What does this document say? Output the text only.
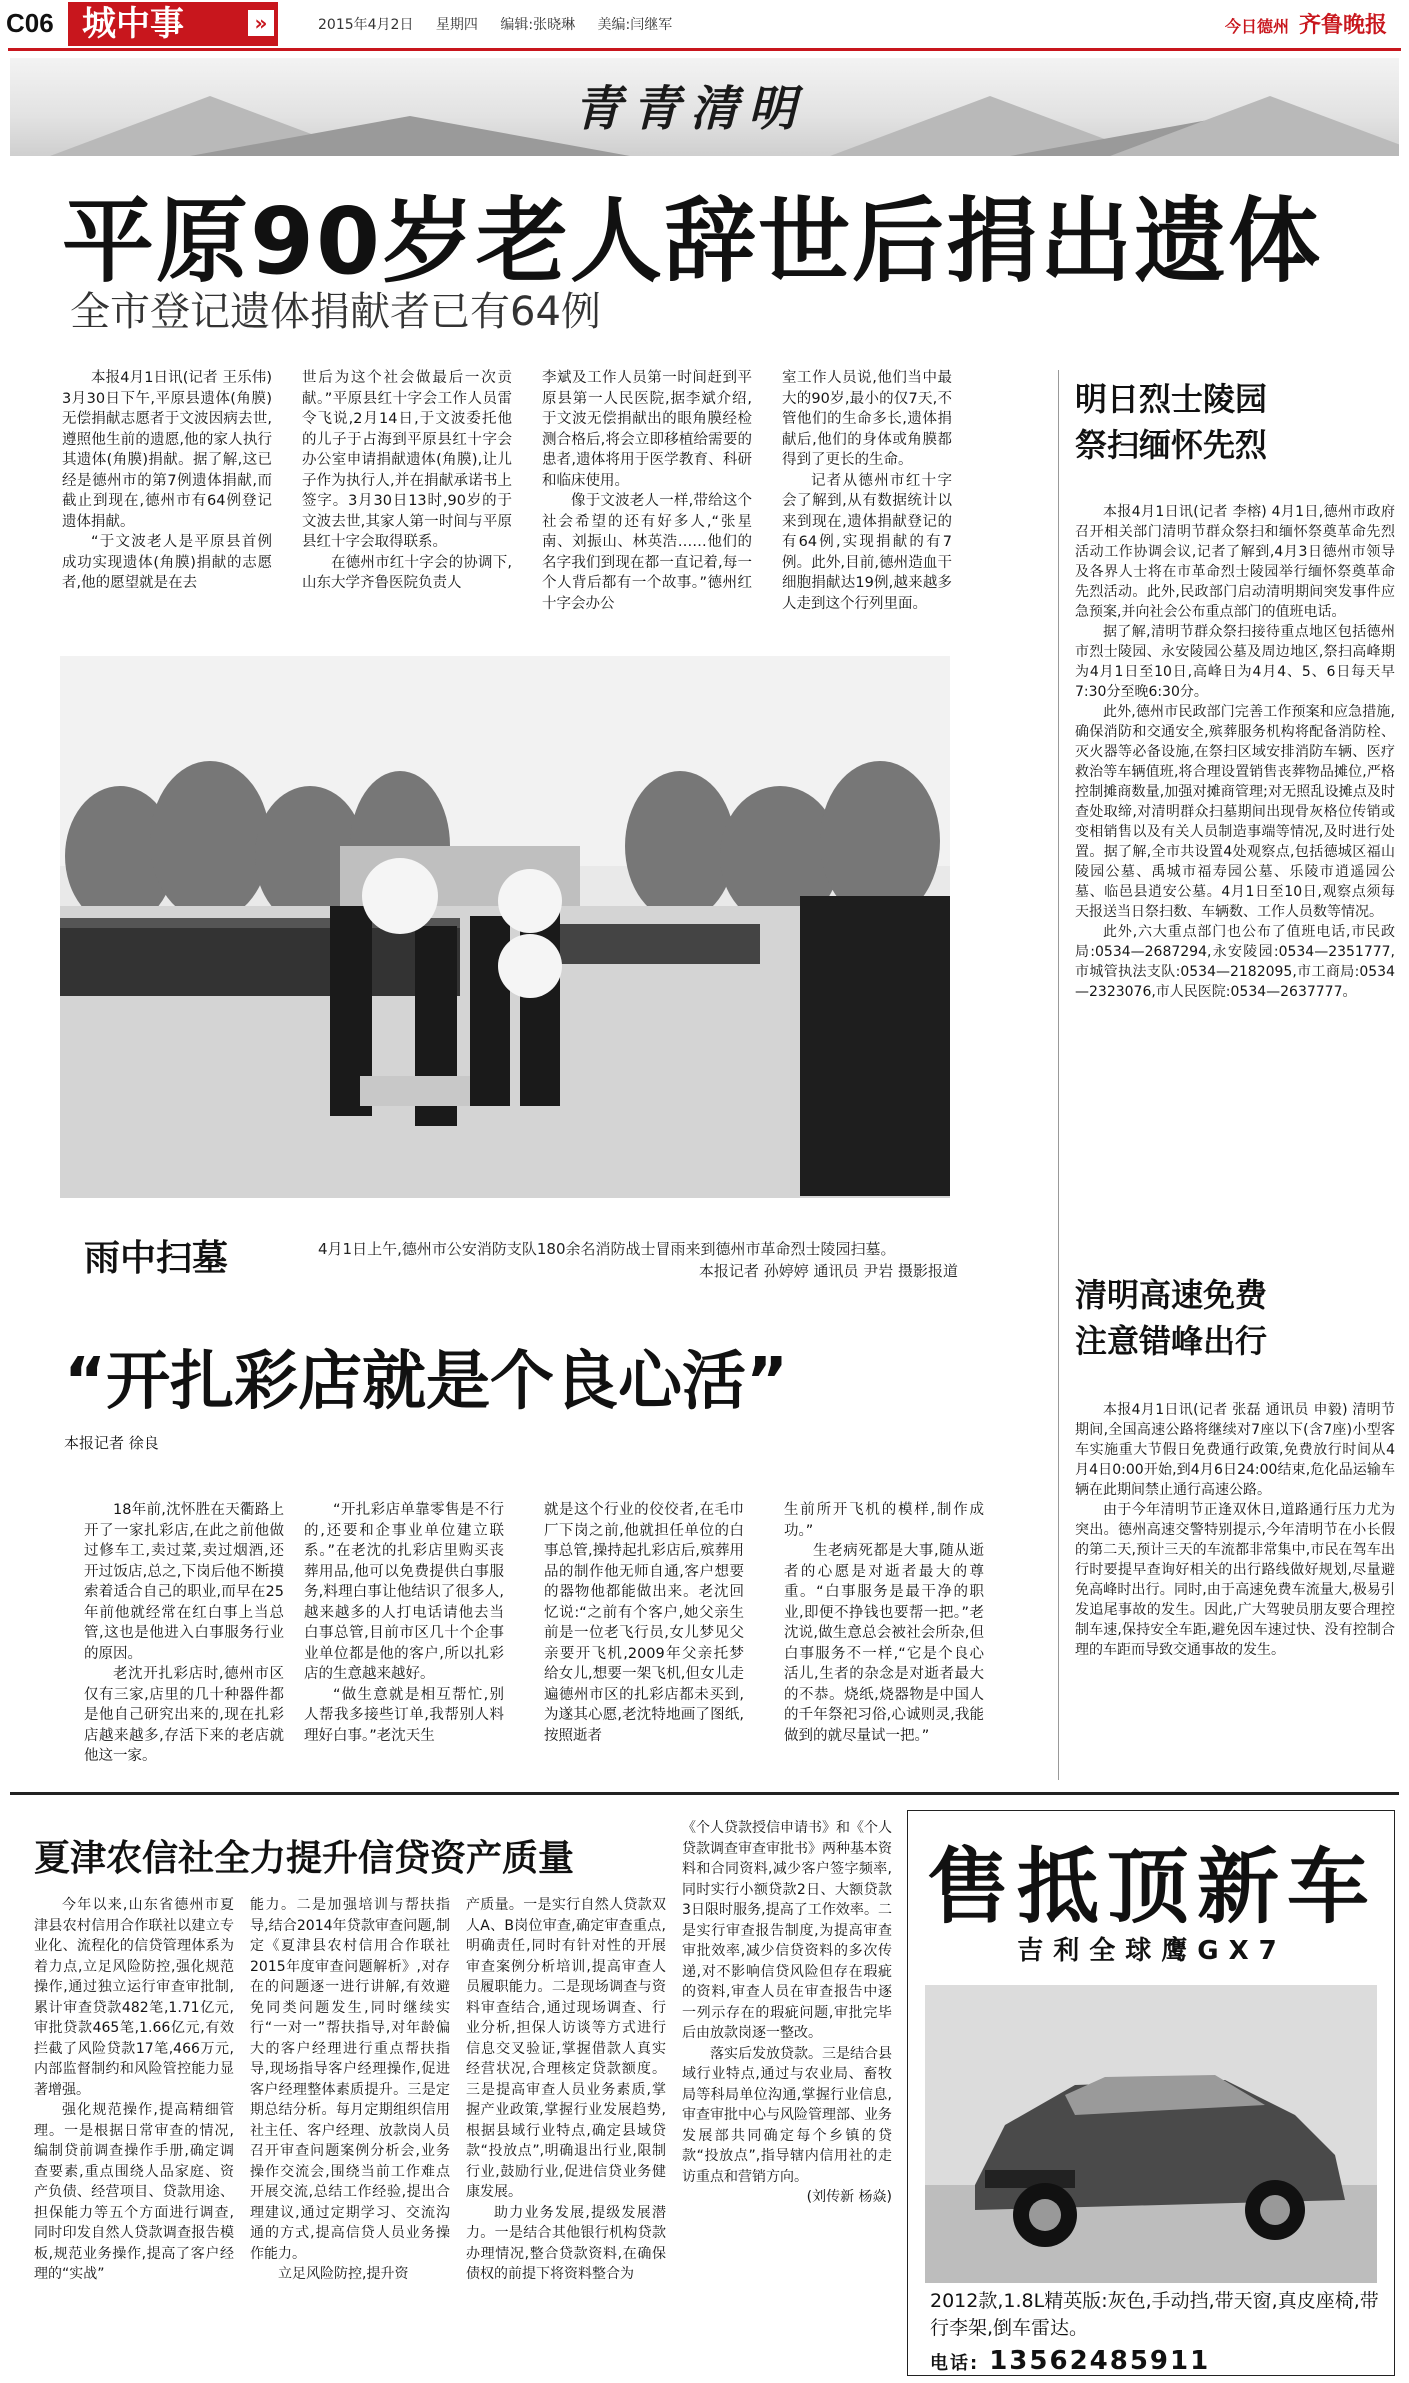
C06 城中事	»	2015年4月2日 星期四 编辑:张晓琳 美编:闫继军	今日德州 齐鲁晚报
青青清明
平原90岁老人辞世后捐出遗体
全市登记遗体捐献者已有64例

本报4月1日讯(记者 王乐伟) 3月30日下午,平原县遗体(角膜)无偿捐献志愿者于文波因病去世,遵照他生前的遗愿,他的家人执行其遗体(角膜)捐献。据了解,这已经是德州市的第7例遗体捐献,而截止到现在,德州市有64例登记遗体捐献。

“于文波老人是平原县首例成功实现遗体(角膜)捐献的志愿者,他的愿望就是在去

世后为这个社会做最后一次贡献。”平原县红十字会工作人员雷令飞说,2月14日,于文波委托他的儿子于占海到平原县红十字会办公室申请捐献遗体(角膜),让儿子作为执行人,并在捐献承诺书上签字。3月30日13时,90岁的于文波去世,其家人第一时间与平原县红十字会取得联系。

在德州市红十字会的协调下,山东大学齐鲁医院负责人

李斌及工作人员第一时间赶到平原县第一人民医院,据李斌介绍,于文波无偿捐献出的眼角膜经检测合格后,将会立即移植给需要的患者,遗体将用于医学教育、科研和临床使用。

像于文波老人一样,带给这个社会希望的还有好多人,“张星南、刘振山、林英浩……他们的名字我们到现在都一直记着,每一个人背后都有一个故事。”德州红十字会办公

室工作人员说,他们当中最大的90岁,最小的仅7天,不管他们的生命多长,遗体捐献后,他们的身体或角膜都得到了更长的生命。

记者从德州市红十字会了解到,从有数据统计以来到现在,遗体捐献登记的有64例,实现捐献的有7例。此外,目前,德州造血干细胞捐献达19例,越来越多人走到这个行列里面。

雨中扫墓	4月1日上午,德州市公安消防支队180余名消防战士冒雨来到德州市革命烈士陵园扫墓。
本报记者 孙婷婷 通讯员 尹岩 摄影报道
明日烈士陵园
祭扫缅怀先烈

本报4月1日讯(记者 李榕) 4月1日,德州市政府召开相关部门清明节群众祭扫和缅怀祭奠革命先烈活动工作协调会议,记者了解到,4月3日德州市领导及各界人士将在市革命烈士陵园举行缅怀祭奠革命先烈活动。此外,民政部门启动清明期间突发事件应急预案,并向社会公布重点部门的值班电话。

据了解,清明节群众祭扫接待重点地区包括德州市烈士陵园、永安陵园公墓及周边地区,祭扫高峰期为4月1日至10日,高峰日为4月4、5、6日每天早7:30分至晚6:30分。

此外,德州市民政部门完善工作预案和应急措施,确保消防和交通安全,殡葬服务机构将配备消防栓、灭火器等必备设施,在祭扫区域安排消防车辆、医疗救治等车辆值班,将合理设置销售丧葬物品摊位,严格控制摊商数量,加强对摊商管理;对无照乱设摊点及时查处取缔,对清明群众扫墓期间出现骨灰格位传销或变相销售以及有关人员制造事端等情况,及时进行处置。据了解,全市共设置4处观察点,包括德城区福山陵园公墓、禹城市福寿园公墓、乐陵市逍遥园公墓、临邑县逍安公墓。4月1日至10日,观察点须每天报送当日祭扫数、车辆数、工作人员数等情况。

此外,六大重点部门也公布了值班电话,市民政局:0534—2687294,永安陵园:0534—2351777,市城管执法支队:0534—2182095,市工商局:0534—2323076,市人民医院:0534—2637777。

清明高速免费
注意错峰出行

本报4月1日讯(记者 张磊 通讯员 申毅) 清明节期间,全国高速公路将继续对7座以下(含7座)小型客车实施重大节假日免费通行政策,免费放行时间从4月4日0:00开始,到4月6日24:00结束,危化品运输车辆在此期间禁止通行高速公路。

由于今年清明节正逢双休日,道路通行压力尤为突出。德州高速交警特别提示,今年清明节在小长假的第二天,预计三天的车流都非常集中,市民在驾车出行时要提早查询好相关的出行路线做好规划,尽量避免高峰时出行。同时,由于高速免费车流量大,极易引发追尾事故的发生。因此,广大驾驶员朋友要合理控制车速,保持安全车距,避免因车速过快、没有控制合理的车距而导致交通事故的发生。

“开扎彩店就是个良心活”
本报记者 徐良

18年前,沈怀胜在天衢路上开了一家扎彩店,在此之前他做过修车工,卖过菜,卖过烟酒,还开过饭店,总之,下岗后他不断摸索着适合自己的职业,而早在25年前他就经常在红白事上当总管,这也是他进入白事服务行业的原因。

老沈开扎彩店时,德州市区仅有三家,店里的几十种器件都是他自己研究出来的,现在扎彩店越来越多,存活下来的老店就他这一家。

“开扎彩店单靠零售是不行的,还要和企事业单位建立联系。”在老沈的扎彩店里购买丧葬用品,他可以免费提供白事服务,料理白事让他结识了很多人,越来越多的人打电话请他去当白事总管,目前市区几十个企事业单位都是他的客户,所以扎彩店的生意越来越好。

“做生意就是相互帮忙,别人帮我多接些订单,我帮别人料理好白事。”老沈天生

就是这个行业的佼佼者,在毛巾厂下岗之前,他就担任单位的白事总管,操持起扎彩店后,殡葬用品的制作他无师自通,客户想要的器物他都能做出来。老沈回忆说:“之前有个客户,她父亲生前是一位老飞行员,女儿梦见父亲要开飞机,2009年父亲托梦给女儿,想要一架飞机,但女儿走遍德州市区的扎彩店都未买到,为遂其心愿,老沈特地画了图纸,按照逝者

生前所开飞机的模样,制作成功。”

生老病死都是大事,随从逝者的心愿是对逝者最大的尊重。“白事服务是最干净的职业,即便不挣钱也要帮一把。”老沈说,做生意总会被社会所杂,但白事服务不一样,“它是个良心活儿,生者的杂念是对逝者最大的不恭。烧纸,烧器物是中国人的千年祭祀习俗,心诚则灵,我能做到的就尽量试一把。”

夏津农信社全力提升信贷资产质量

今年以来,山东省德州市夏津县农村信用合作联社以建立专业化、流程化的信贷管理体系为着力点,立足风险防控,强化规范操作,通过独立运行审查审批制,累计审查贷款482笔,1.71亿元,审批贷款465笔,1.66亿元,有效拦截了风险贷款17笔,466万元,内部监督制约和风险管控能力显著增强。

强化规范操作,提高精细管理。一是根据日常审查的情况,编制贷前调查操作手册,确定调查要素,重点围绕人品家庭、资产负债、经营项目、贷款用途、担保能力等五个方面进行调查,同时印发自然人贷款调查报告模板,规范业务操作,提高了客户经理的“实战”

能力。二是加强培训与帮扶指导,结合2014年贷款审查问题,制定《夏津县农村信用合作联社2015年度审查问题解析》,对存在的问题逐一进行讲解,有效避免同类问题发生,同时继续实行“一对一”帮扶指导,对年龄偏大的客户经理进行重点帮扶指导,现场指导客户经理操作,促进客户经理整体素质提升。三是定期总结分析。每月定期组织信用社主任、客户经理、放款岗人员召开审查问题案例分析会,业务操作交流会,围绕当前工作难点开展交流,总结工作经验,提出合理建议,通过定期学习、交流沟通的方式,提高信贷人员业务操作能力。

立足风险防控,提升资

产质量。一是实行自然人贷款双人A、B岗位审查,确定审查重点,明确责任,同时有针对性的开展审查案例分析培训,提高审查人员履职能力。二是现场调查与资料审查结合,通过现场调查、行业分析,担保人访谈等方式进行信息交叉验证,掌握借款人真实经营状况,合理核定贷款额度。三是提高审查人员业务素质,掌握产业政策,掌握行业发展趋势,根据县域行业特点,确定县域贷款“投放点”,明确退出行业,限制行业,鼓励行业,促进信贷业务健康发展。

助力业务发展,提级发展潜力。一是结合其他银行机构贷款办理情况,整合贷款资料,在确保债权的前提下将资料整合为

《个人贷款授信申请书》和《个人贷款调查审查审批书》两种基本资料和合同资料,减少客户签字频率,同时实行小额贷款2日、大额贷款3日限时服务,提高了工作效率。二是实行审查报告制度,为提高审查审批效率,减少信贷资料的多次传递,对不影响信贷风险但存在瑕疵的资料,审查人员在审查报告中逐一列示存在的瑕疵问题,审批完毕后由放款岗逐一整改。

落实后发放贷款。三是结合县域行业特点,通过与农业局、畜牧局等科局单位沟通,掌握行业信息,审查审批中心与风险管理部、业务发展部共同确定每个乡镇的贷款“投放点”,指导辖内信用社的走访重点和营销方向。

(刘传新 杨焱)

售抵顶新车
吉利全球鹰GX7
2012款,1.8L精英版:灰色,手动挡,带天窗,真皮座椅,带行李架,倒车雷达。
电话: 13562485911
